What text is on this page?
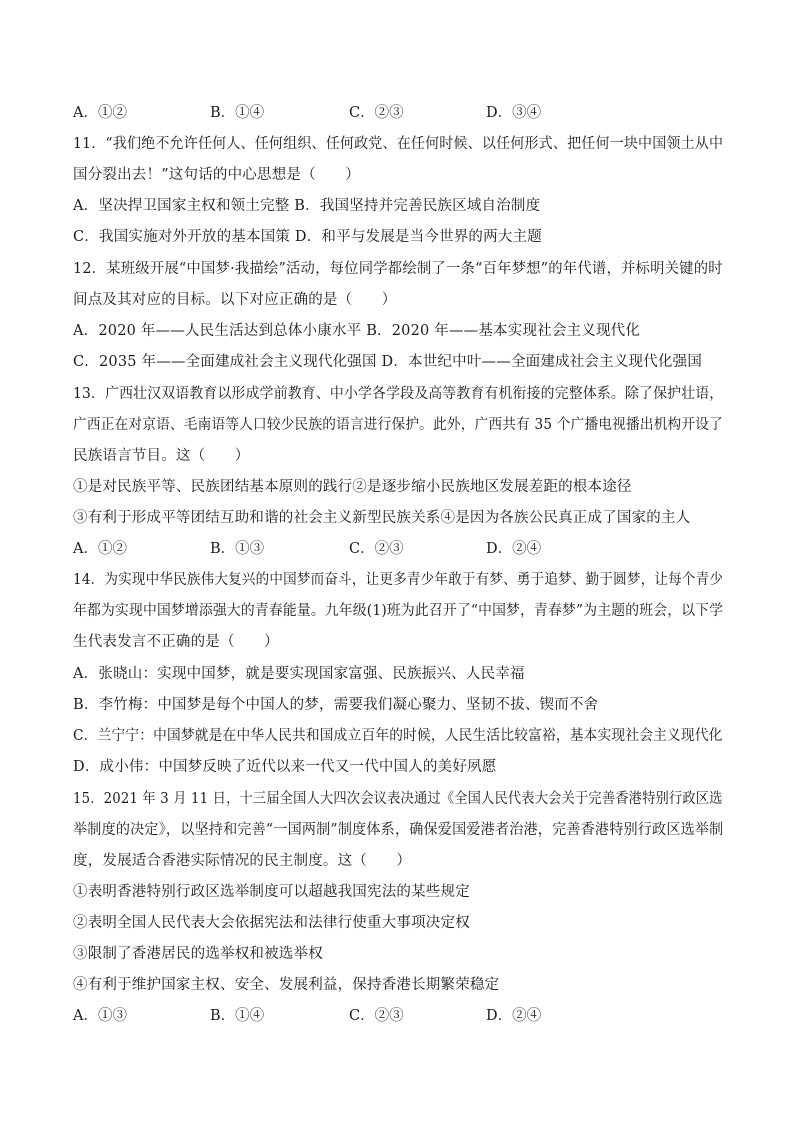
A．①②	B．①④	C．②③	D．③④
11．“我们绝不允许任何人、任何组织、任何政党、在任何时候、以任何形式、把任何一块中国领土从中
国分裂出去！”这句话的中心思想是（　　）
A．坚决捍卫国家主权和领土完整 B．我国坚持并完善民族区域自治制度
C．我国实施对外开放的基本国策 D．和平与发展是当今世界的两大主题
12．某班级开展“中国梦·我描绘”活动，每位同学都绘制了一条“百年梦想”的年代谱，并标明关键的时
间点及其对应的目标。以下对应正确的是（　　）
A．2020 年——人民生活达到总体小康水平 B．2020 年——基本实现社会主义现代化
C．2035 年——全面建成社会主义现代化强国 D．本世纪中叶——全面建成社会主义现代化强国
13．广西壮汉双语教育以形成学前教育、中小学各学段及高等教育有机衔接的完整体系。除了保护壮语，
广西正在对京语、毛南语等人口较少民族的语言进行保护。此外，广西共有 35 个广播电视播出机构开设了
民族语言节目。这（　　）
①是对民族平等、民族团结基本原则的践行②是逐步缩小民族地区发展差距的根本途径
③有利于形成平等团结互助和谐的社会主义新型民族关系④是因为各族公民真正成了国家的主人
A．①②	B．①③	C．②③	D．②④
14．为实现中华民族伟大复兴的中国梦而奋斗，让更多青少年敢于有梦、勇于追梦、勤于圆梦，让每个青少
年都为实现中国梦增添强大的青春能量。九年级(1)班为此召开了“中国梦，青春梦”为主题的班会，以下学
生代表发言不正确的是（　　）
A．张晓山：实现中国梦，就是要实现国家富强、民族振兴、人民幸福
B．李竹梅：中国梦是每个中国人的梦，需要我们凝心聚力、坚韧不拔、锲而不舍
C．兰宁宁：中国梦就是在中华人民共和国成立百年的时候，人民生活比较富裕，基本实现社会主义现代化
D．成小伟：中国梦反映了近代以来一代又一代中国人的美好夙愿
15．2021 年 3 月 11 日，十三届全国人大四次会议表决通过《全国人民代表大会关于完善香港特别行政区选
举制度的决定》，以坚持和完善“一国两制”制度体系，确保爱国爱港者治港，完善香港特别行政区选举制
度，发展适合香港实际情况的民主制度。这（　　）
①表明香港特别行政区选举制度可以超越我国宪法的某些规定
②表明全国人民代表大会依据宪法和法律行使重大事项决定权
③限制了香港居民的选举权和被选举权
④有利于维护国家主权、安全、发展利益，保持香港长期繁荣稳定
A．①③	B．①④	C．②③	D．②④
